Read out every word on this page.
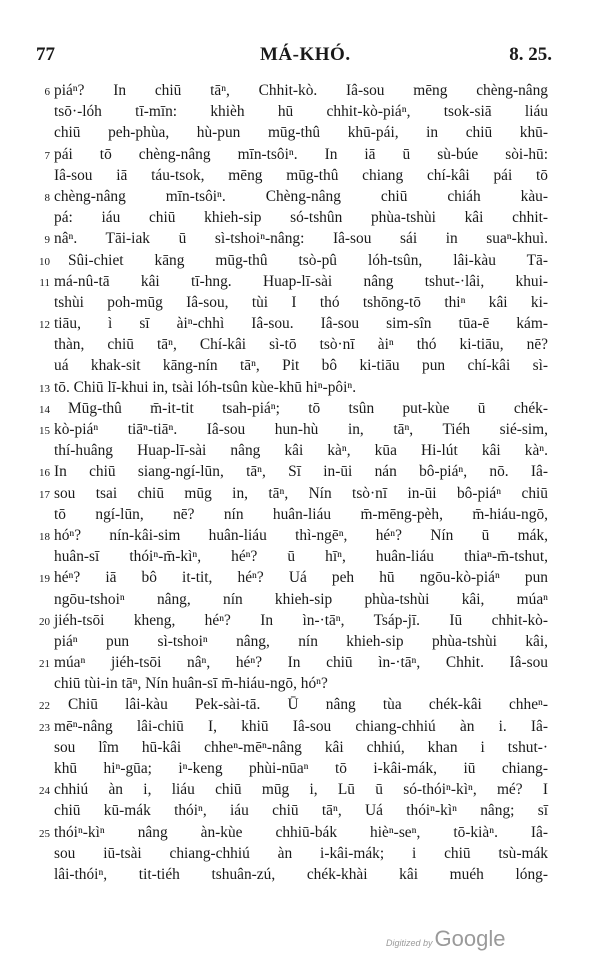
77	MÁ-KHÓ.	8. 25.
6 piáⁿ? In chiū tāⁿ, Chhit-kò. Iâ-sou mēng chèng-nâng
tsō·-lóh tī-mīn: khièh hū chhit-kò-piáⁿ, tsok-siā liáu
chiū peh-phùa, hù-pun mūg-thû khū-pái, in chiū khū-
7 pái tō chèng-nâng mīn-tsôiⁿ. In iā ū sù-búe sòi-hū:
Iâ-sou iā táu-tsok, mēng mūg-thû chiang chí-kâi pái tō
8 chèng-nâng mīn-tsôiⁿ. Chèng-nâng chiū chiáh kàu-
pá: iáu chiū khieh-sip só-tshûn phùa-tshùi kâi chhit-
9 nâⁿ. Tāi-iak ū sì-tshoiⁿ-nâng: Iâ-sou sái in suaⁿ-khuì.
10	Sûi-chiet kāng mūg-thû tsò-pû lóh-tsûn, lâi-kàu Tā-
11 má-nû-tā kâi tī-hng. Huap-lī-sài nâng tshut-·lâi, khui-
tshùi poh-mūg Iâ-sou, tùi I thó tshōng-tō thiⁿ kâi ki-
12 tiāu, ì sī àiⁿ-chhì Iâ-sou. Iâ-sou sim-sîn tūa-ē kám-
thàn, chiū tāⁿ, Chí-kâi sì-tō tsò·nī àiⁿ thó ki-tiāu, nē?
uá khak-sit kāng-nín tāⁿ, Pit bô ki-tiāu pun chí-kâi sì-
13 tō. Chiū lī-khui in, tsài lóh-tsûn kùe-khū hiⁿ-pôiⁿ.
14	Mūg-thû m̄-it-tit tsah-piáⁿ; tō tsûn put-kùe ū chék-
15 kò-piáⁿ tiāⁿ-tiāⁿ. Iâ-sou hun-hù in, tāⁿ, Tiéh sié-sim,
thí-huâng Huap-lī-sài nâng kâi kàⁿ, kūa Hi-lút kâi kàⁿ.
16 In chiū siang-ngí-lūn, tāⁿ, Sī in-ūi nán bô-piáⁿ, nō. Iâ-
17 sou tsai chiū mūg in, tāⁿ, Nín tsò·nī in-ūi bô-piáⁿ chiū
tō ngí-lūn, nē? nín huân-liáu m̄-mēng-pèh, m̄-hiáu-ngō,
18 hóⁿ? nín-kâi-sim huân-liáu thì-ngēⁿ, héⁿ? Nín ū mák,
huân-sī thóiⁿ-m̄-kìⁿ, héⁿ? ū hīⁿ, huân-liáu thiaⁿ-m̄-tshut,
19 héⁿ? iā bô it-tit, héⁿ? Uá peh hū ngōu-kò-piáⁿ pun
ngōu-tshoiⁿ nâng, nín khieh-sip phùa-tshùi kâi, múaⁿ
20 jiéh-tsōi kheng, héⁿ? In ìn-·tāⁿ, Tsáp-jī. Iū chhit-kò-
piáⁿ pun sì-tshoiⁿ nâng, nín khieh-sip phùa-tshùi kâi,
21 múaⁿ jiéh-tsōi nâⁿ, héⁿ? In chiū ìn-·tāⁿ, Chhit. Iâ-sou
chiū tùi-in tāⁿ, Nín huân-sī m̄-hiáu-ngō, hóⁿ?
22	Chiū lâi-kàu Pek-sài-tā. Ū nâng tùa chék-kâi chheⁿ-
23 mēⁿ-nâng lâi-chiū I, khiū Iâ-sou chiang-chhiú àn i. Iâ-
sou lîm hū-kâi chheⁿ-mēⁿ-nâng kâi chhiú, khan i tshut-·
khū hiⁿ-gūa; iⁿ-keng phùi-nūaⁿ tō i-kâi-mák, iū chiang-
24 chhiú àn i, liáu chiū mūg i, Lū ū só-thóiⁿ-kìⁿ, mé? I
chiū kū-mák thóiⁿ, iáu chiū tāⁿ, Uá thóiⁿ-kìⁿ nâng; sī
25 thóiⁿ-kìⁿ nâng àn-kùe chhiū-bák hièⁿ-seⁿ, tō-kiàⁿ. Iâ-
sou iū-tsài chiang-chhiú àn i-kâi-mák; i chiū tsù-mák
lâi-thóiⁿ, tit-tiéh tshuân-zú, chék-khài kâi muéh lóng-
Digitized byGoogle
